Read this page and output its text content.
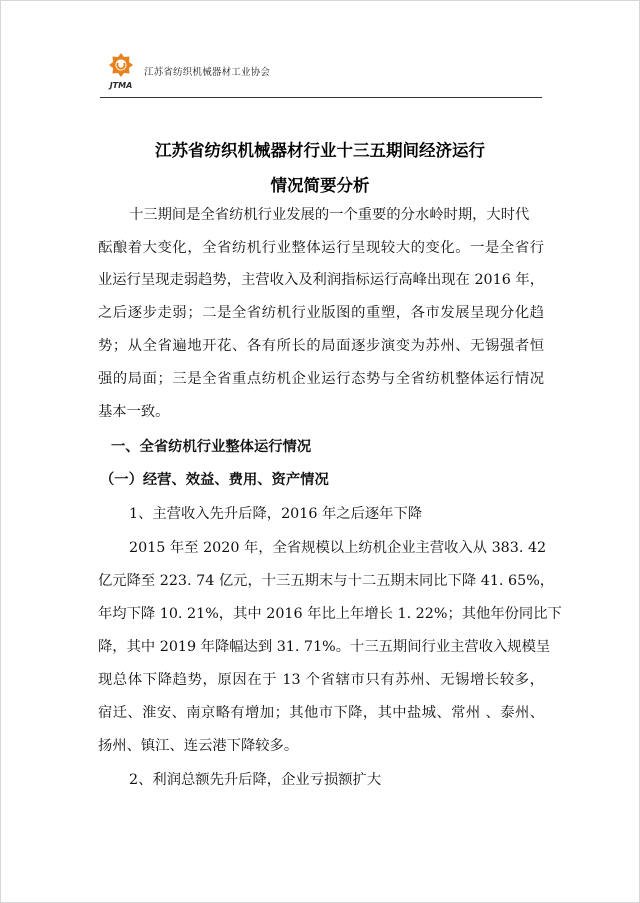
JTMA
江苏省纺织机械器材工业协会
江苏省纺织机械器材行业十三五期间经济运行
情况简要分析
十三期间是全省纺机行业发展的一个重要的分水岭时期，大时代
酝酿着大变化，全省纺机行业整体运行呈现较大的变化。一是全省行
业运行呈现走弱趋势，主营收入及利润指标运行高峰出现在 2016 年，
之后逐步走弱；二是全省纺机行业版图的重塑，各市发展呈现分化趋
势；从全省遍地开花、各有所长的局面逐步演变为苏州、无锡强者恒
强的局面；三是全省重点纺机企业运行态势与全省纺机整体运行情况
基本一致。
一、全省纺机行业整体运行情况
（一）经营、效益、费用、资产情况
1、主营收入先升后降，2016 年之后逐年下降
2015 年至 2020 年，全省规模以上纺机企业主营收入从 383. 42
亿元降至 223. 74 亿元，十三五期末与十二五期末同比下降 41. 65%，
年均下降 10. 21%，其中 2016 年比上年增长 1. 22%；其他年份同比下
降，其中 2019 年降幅达到 31. 71%。十三五期间行业主营收入规模呈
现总体下降趋势，原因在于 13 个省辖市只有苏州、无锡增长较多，
宿迁、淮安、南京略有增加；其他市下降，其中盐城、常州 、泰州、
扬州、镇江、连云港下降较多。
2、利润总额先升后降，企业亏损额扩大
